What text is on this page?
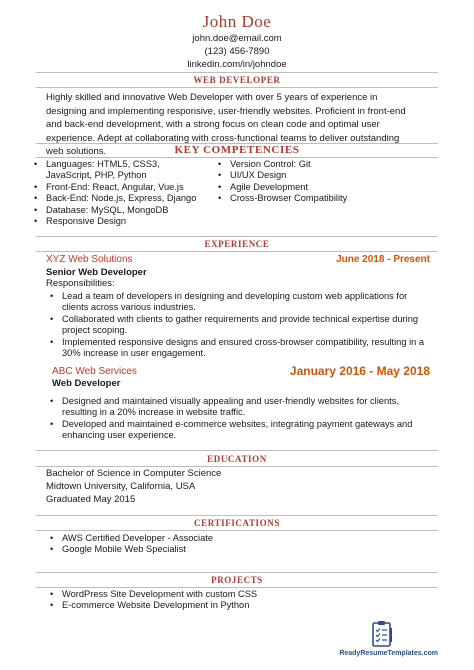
John Doe
john.doe@email.com
(123) 456-7890
linkedin.com/in/johndoe
WEB DEVELOPER
Highly skilled and innovative Web Developer with over 5 years of experience in designing and implementing responsive, user-friendly websites. Proficient in front-end and back-end development, with a strong focus on clean code and optimal user experience. Adept at collaborating with cross-functional teams to deliver outstanding web solutions.	KEY COMPETENCIES
• Languages: HTML5, CSS3, JavaScript, PHP, Python
• Front-End: React, Angular, Vue.js
• Back-End: Node.js, Express, Django
• Database: MySQL, MongoDB
• Responsive Design
• Version Control: Git
• UI/UX Design
• Agile Development
• Cross-Browser Compatibility
EXPERIENCE
XYZ Web Solutions	June 2018 - Present
Senior Web Developer
Responsibilities:
• Lead a team of developers in designing and developing custom web applications for clients across various industries.
• Collaborated with clients to gather requirements and provide technical expertise during project scoping.
• Implemented responsive designs and ensured cross-browser compatibility, resulting in a 30% increase in user engagement.
ABC Web Services	January 2016 - May 2018
Web Developer
• Designed and maintained visually appealing and user-friendly websites for clients, resulting in a 20% increase in website traffic.
• Developed and maintained e-commerce websites, integrating payment gateways and enhancing user experience.
EDUCATION
Bachelor of Science in Computer Science
Midtown University, California, USA
Graduated May 2015
CERTIFICATIONS
• AWS Certified Developer - Associate
• Google Mobile Web Specialist
PROJECTS
• WordPress Site Development with custom CSS
• E-commerce Website Development in Python
ReadyResumeTemplates.com
